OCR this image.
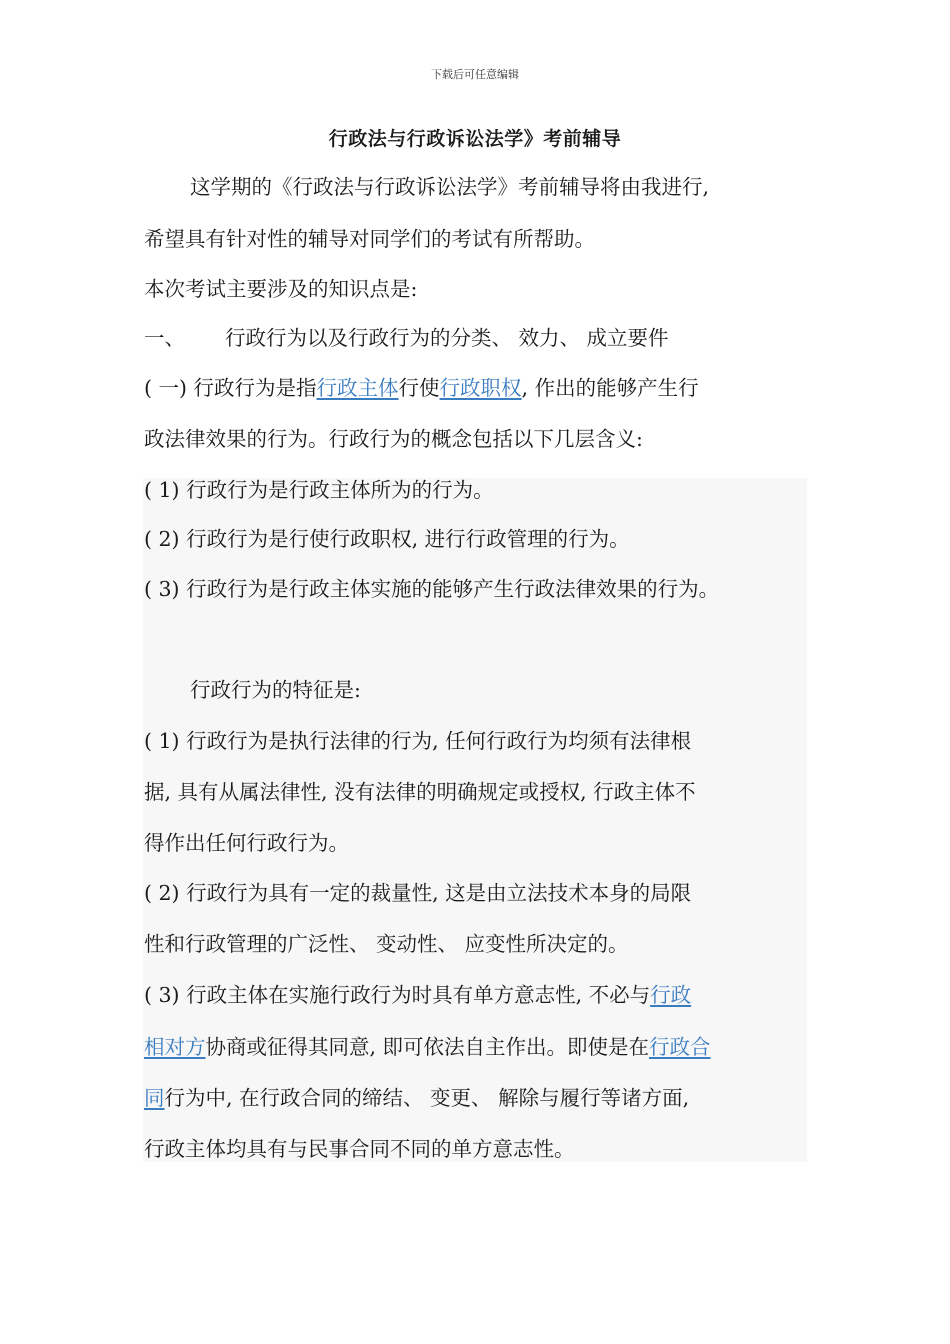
下载后可任意编辑
行政法与行政诉讼法学》考前辅导
这学期的《行政法与行政诉讼法学》考前辅导将由我进行,
希望具有针对性的辅导对同学们的考试有所帮助。
本次考试主要涉及的知识点是:
一、 行政行为以及行政行为的分类、 效力、 成立要件
( 一) 行政行为是指行政主体行使行政职权, 作出的能够产生行
政法律效果的行为。行政行为的概念包括以下几层含义:
( 1) 行政行为是行政主体所为的行为。
( 2) 行政行为是行使行政职权, 进行行政管理的行为。
( 3) 行政行为是行政主体实施的能够产生行政法律效果的行为。
行政行为的特征是:
( 1) 行政行为是执行法律的行为, 任何行政行为均须有法律根
据, 具有从属法律性, 没有法律的明确规定或授权, 行政主体不
得作出任何行政行为。
( 2) 行政行为具有一定的裁量性, 这是由立法技术本身的局限
性和行政管理的广泛性、 变动性、 应变性所决定的。
( 3) 行政主体在实施行政行为时具有单方意志性, 不必与行政
相对方协商或征得其同意, 即可依法自主作出。即使是在行政合
同行为中, 在行政合同的缔结、 变更、 解除与履行等诸方面,
行政主体均具有与民事合同不同的单方意志性。
